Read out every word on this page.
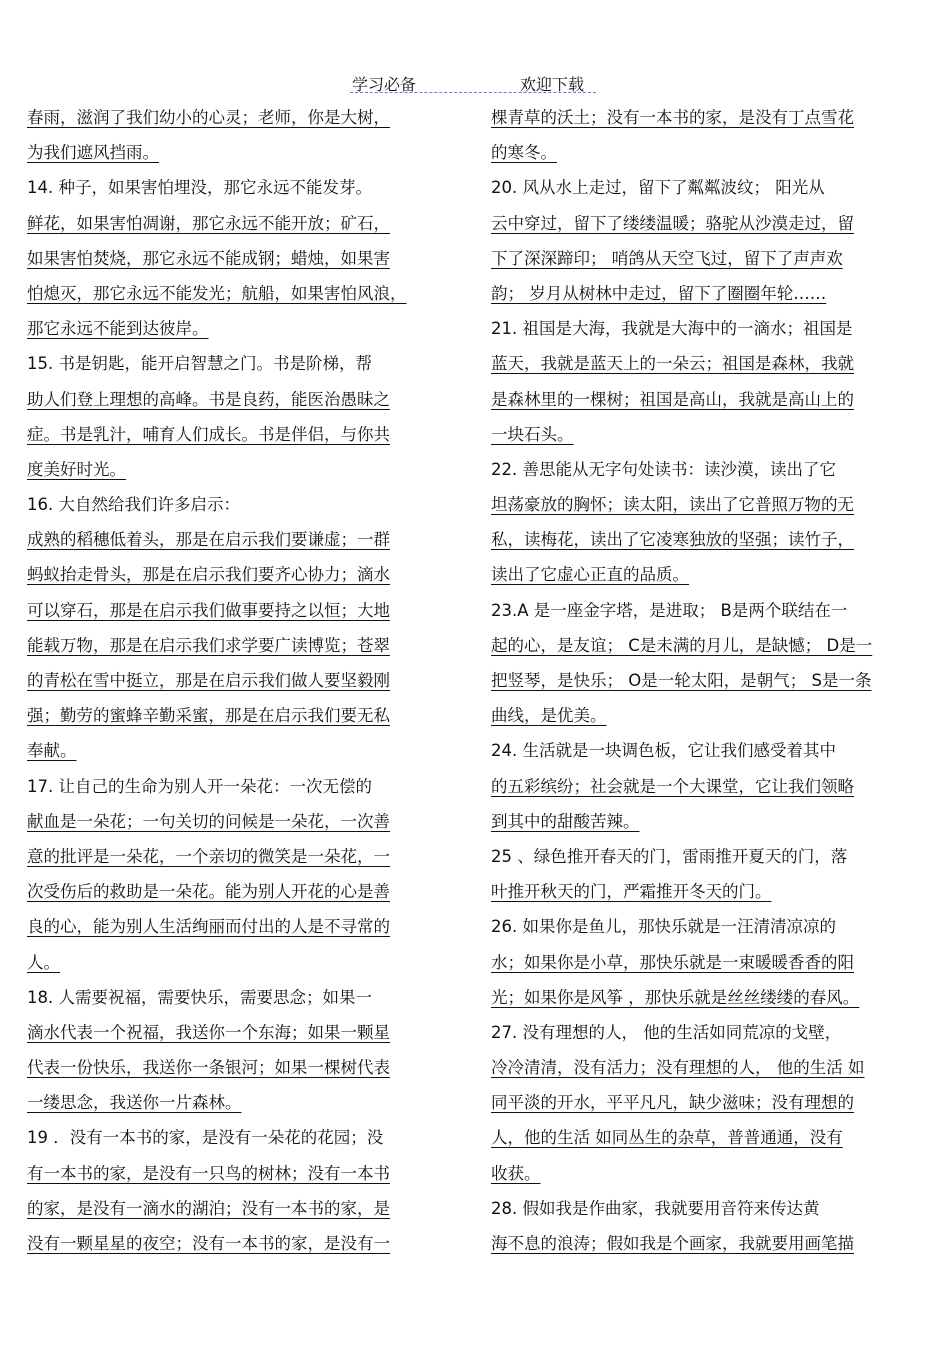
学习必备	欢迎下载
春雨，滋润了我们幼小的心灵；老师，你是大树，
为我们遮风挡雨。
14. 种子，如果害怕埋没，那它永远不能发芽。
鲜花，如果害怕凋谢，那它永远不能开放；矿石，
如果害怕焚烧，那它永远不能成钢；蜡烛，如果害
怕熄灭，那它永远不能发光；航船，如果害怕风浪，
那它永远不能到达彼岸。
15. 书是钥匙，能开启智慧之门。书是阶梯，帮
助人们登上理想的高峰。书是良药，能医治愚昧之
症。书是乳汁，哺育人们成长。书是伴侣，与你共
度美好时光。
16. 大自然给我们许多启示：
成熟的稻穗低着头，那是在启示我们要谦虚；一群
蚂蚁抬走骨头，那是在启示我们要齐心协力；滴水
可以穿石，那是在启示我们做事要持之以恒；大地
能载万物，那是在启示我们求学要广读博览；苍翠
的青松在雪中挺立，那是在启示我们做人要坚毅刚
强；勤劳的蜜蜂辛勤采蜜，那是在启示我们要无私
奉献。
17. 让自己的生命为别人开一朵花：一次无偿的
献血是一朵花；一句关切的问候是一朵花，一次善
意的批评是一朵花，一个亲切的微笑是一朵花，一
次受伤后的救助是一朵花。能为别人开花的心是善
良的心，能为别人生活绚丽而付出的人是不寻常的
人。
18. 人需要祝福，需要快乐，需要思念；如果一
滴水代表一个祝福，我送你一个东海；如果一颗星
代表一份快乐，我送你一条银河；如果一棵树代表
一缕思念，我送你一片森林。
19 ．没有一本书的家，是没有一朵花的花园；没
有一本书的家，是没有一只鸟的树林；没有一本书
的家，是没有一滴水的湖泊；没有一本书的家，是
没有一颗星星的夜空；没有一本书的家，是没有一
棵青草的沃土；没有一本书的家，是没有丁点雪花
的寒冬。
20. 风从水上走过，留下了粼粼波纹； 阳光从
云中穿过，留下了缕缕温暖；骆驼从沙漠走过，留
下了深深蹄印； 哨鸽从天空飞过，留下了声声欢
韵； 岁月从树林中走过，留下了圈圈年轮……
21. 祖国是大海，我就是大海中的一滴水；祖国是
蓝天，我就是蓝天上的一朵云；祖国是森林，我就
是森林里的一棵树；祖国是高山，我就是高山上的
一块石头。
22. 善思能从无字句处读书：读沙漠，读出了它
坦荡豪放的胸怀；读太阳，读出了它普照万物的无
私，读梅花，读出了它凌寒独放的坚强；读竹子，
读出了它虚心正直的品质。
23.A 是一座金字塔，是进取； B是两个联结在一
起的心，是友谊； C是未满的月儿，是缺憾； D是一
把竖琴，是快乐； O是一轮太阳，是朝气； S是一条
曲线，是优美。
24. 生活就是一块调色板，它让我们感受着其中
的五彩缤纷；社会就是一个大课堂，它让我们领略
到其中的甜酸苦辣。
25 、绿色推开春天的门，雷雨推开夏天的门，落
叶推开秋天的门，严霜推开冬天的门。
26. 如果你是鱼儿，那快乐就是一汪清清凉凉的
水；如果你是小草，那快乐就是一束暖暖香香的阳
光；如果你是风筝 ，那快乐就是丝丝缕缕的春风。
27. 没有理想的人， 他的生活如同荒凉的戈壁，
冷冷清清，没有活力；没有理想的人， 他的生活 如
同平淡的开水，平平凡凡，缺少滋味；没有理想的
人，他的生活 如同丛生的杂草，普普通通，没有
收获。
28. 假如我是作曲家，我就要用音符来传达黄
海不息的浪涛；假如我是个画家，我就要用画笔描
